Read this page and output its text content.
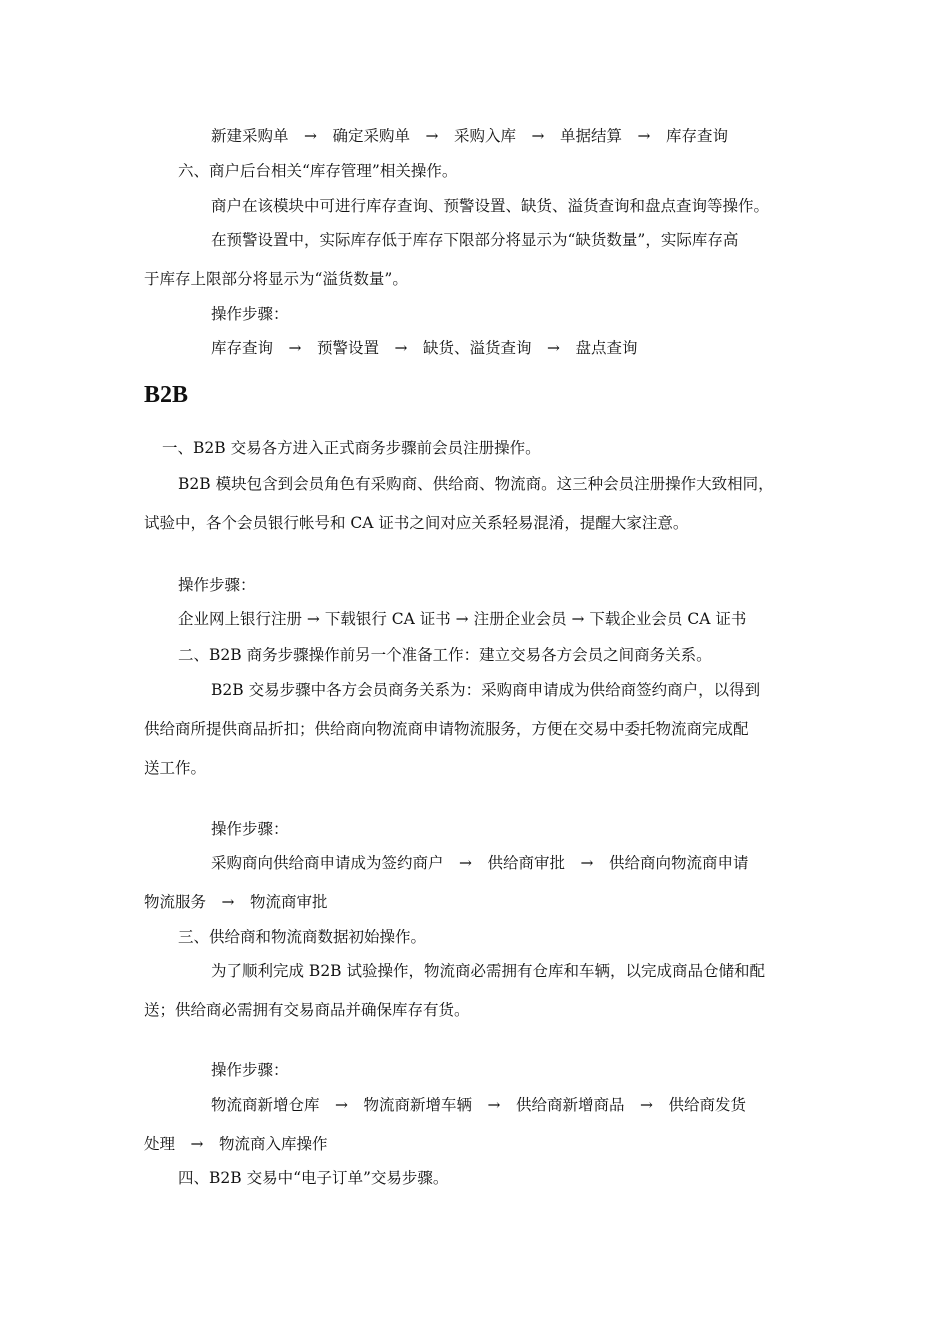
新建采购单　→　确定采购单　→　采购入库　→　单据结算　→　库存查询
六、商户后台相关“库存管理”相关操作。
商户在该模块中可进行库存查询、预警设置、缺货、溢货查询和盘点查询等操作。
在预警设置中，实际库存低于库存下限部分将显示为“缺货数量”，实际库存高
于库存上限部分将显示为“溢货数量”。
操作步骤：
库存查询　→　预警设置　→　缺货、溢货查询　→　盘点查询
B2B
一、B2B 交易各方进入正式商务步骤前会员注册操作。
B2B 模块包含到会员角色有采购商、供给商、物流商。这三种会员注册操作大致相同，
试验中，各个会员银行帐号和 CA 证书之间对应关系轻易混淆，提醒大家注意。
操作步骤：
企业网上银行注册 → 下载银行 CA 证书 → 注册企业会员 → 下载企业会员 CA 证书
二、B2B 商务步骤操作前另一个准备工作：建立交易各方会员之间商务关系。
B2B 交易步骤中各方会员商务关系为：采购商申请成为供给商签约商户，以得到
供给商所提供商品折扣；供给商向物流商申请物流服务，方便在交易中委托物流商完成配
送工作。
操作步骤：
采购商向供给商申请成为签约商户　→　供给商审批　→　供给商向物流商申请
物流服务　→　物流商审批
三、供给商和物流商数据初始操作。
为了顺利完成 B2B 试验操作，物流商必需拥有仓库和车辆，以完成商品仓储和配
送；供给商必需拥有交易商品并确保库存有货。
操作步骤：
物流商新增仓库　→　物流商新增车辆　→　供给商新增商品　→　供给商发货
处理　→　物流商入库操作
四、B2B 交易中“电子订单”交易步骤。
